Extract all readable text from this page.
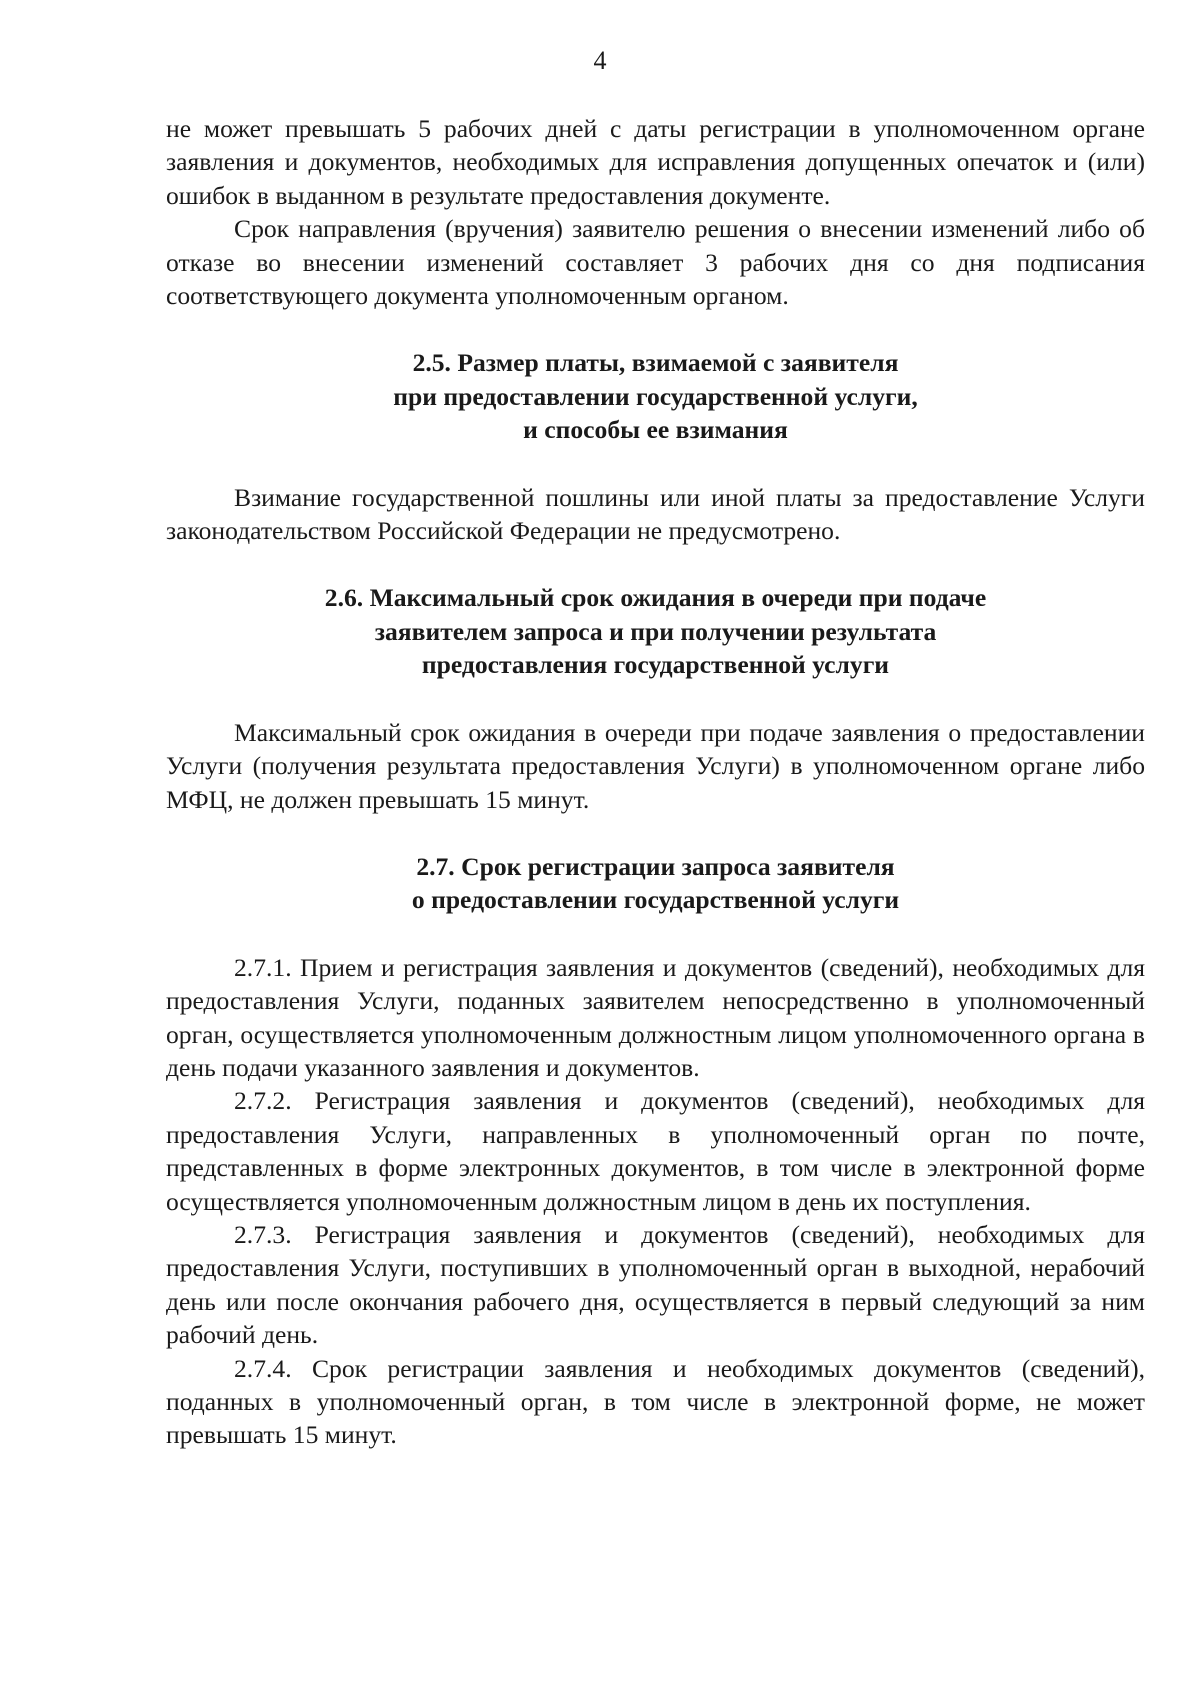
4

не может превышать 5 рабочих дней с даты регистрации в уполномоченном органе заявления и документов, необходимых для исправления допущенных опечаток и (или) ошибок в выданном в результате предоставления документе.

Срок направления (вручения) заявителю решения о внесении изменений либо об отказе во внесении изменений составляет 3 рабочих дня со дня подписания соответствующего документа уполномоченным органом.

2.5. Размер платы, взимаемой с заявителя
при предоставлении государственной услуги,
и способы ее взимания

Взимание государственной пошлины или иной платы за предоставление Услуги законодательством Российской Федерации не предусмотрено.

2.6. Максимальный срок ожидания в очереди при подаче
заявителем запроса и при получении результата
предоставления государственной услуги

Максимальный срок ожидания в очереди при подаче заявления о предоставлении Услуги (получения результата предоставления Услуги) в уполномоченном органе либо МФЦ, не должен превышать 15 минут.

2.7. Срок регистрации запроса заявителя
о предоставлении государственной услуги

2.7.1. Прием и регистрация заявления и документов (сведений), необходимых для предоставления Услуги, поданных заявителем непосредственно в уполномоченный орган, осуществляется уполномоченным должностным лицом уполномоченного органа в день подачи указанного заявления и документов.

2.7.2. Регистрация заявления и документов (сведений), необходимых для предоставления Услуги, направленных в уполномоченный орган по почте, представленных в форме электронных документов, в том числе в электронной форме осуществляется уполномоченным должностным лицом в день их поступления.

2.7.3. Регистрация заявления и документов (сведений), необходимых для предоставления Услуги, поступивших в уполномоченный орган в выходной, нерабочий день или после окончания рабочего дня, осуществляется в первый следующий за ним рабочий день.

2.7.4. Срок регистрации заявления и необходимых документов (сведений), поданных в уполномоченный орган, в том числе в электронной форме, не может превышать 15 минут.
